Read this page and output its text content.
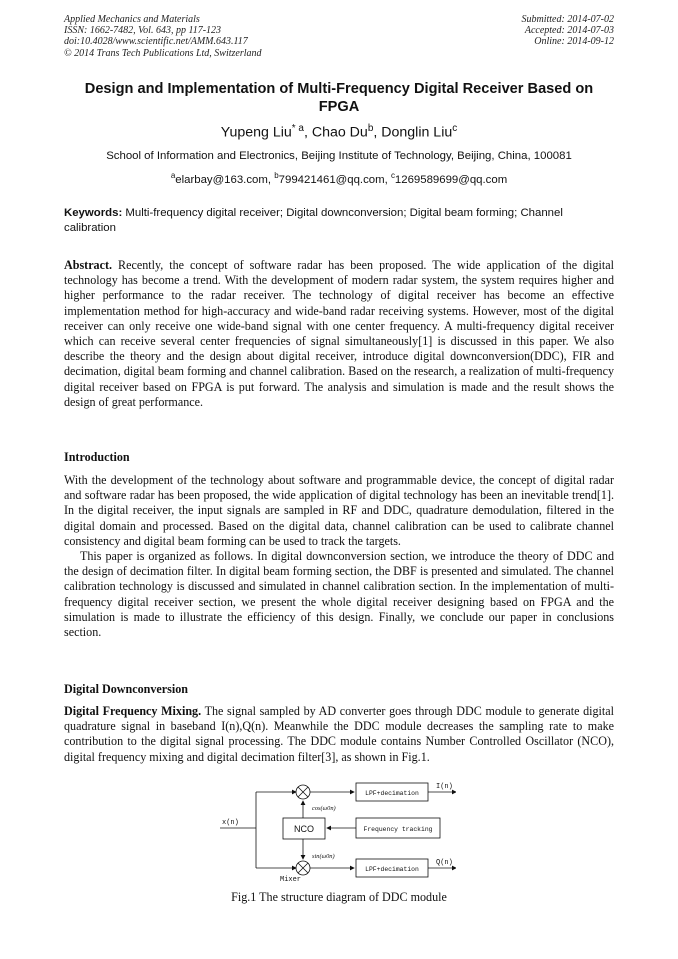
Applied Mechanics and Materials
ISSN: 1662-7482, Vol. 643, pp 117-123
doi:10.4028/www.scientific.net/AMM.643.117
© 2014 Trans Tech Publications Ltd, Switzerland
Submitted: 2014-07-02
Accepted: 2014-07-03
Online: 2014-09-12
Design and Implementation of Multi-Frequency Digital Receiver Based on FPGA
Yupeng Liu$^{* a}$, Chao Du$^b$, Donglin Liu$^c$
School of Information and Electronics, Beijing Institute of Technology, Beijing, China, 100081
$^a$elarbay@163.com, $^b$799421461@qq.com, $^c$1269589699@qq.com

Keywords: Multi-frequency digital receiver; Digital downconversion; Digital beam forming; Channel calibration

Abstract. Recently, the concept of software radar has been proposed. The wide application of the digital technology has become a trend. With the development of modern radar system, the system requires higher and higher performance to the radar receiver. The technology of digital receiver has become an effective implementation method for high-accuracy and wide-band radar receiving systems. However, most of the digital receiver can only receive one wide-band signal with one center frequency. A multi-frequency digital receiver which can receive several center frequencies of signal simultaneously[1] is discussed in this paper. We also describe the theory and the design about digital receiver, introduce digital downconversion(DDC), FIR and decimation, digital beam forming and channel calibration. Based on the research, a realization of multi-frequency digital receiver based on FPGA is put forward. The analysis and simulation is made and the result shows the design of great performance.

Introduction

With the development of the technology about software and programmable device, the concept of digital radar and software radar has been proposed, the wide application of digital technology has been an inevitable trend[1]. In the digital receiver, the input signals are sampled in RF and DDC, quadrature demodulation, filtered in the digital domain and processed. Based on the digital data, channel calibration can be used to calibrate channel consistency and digital beam forming can be used to track the targets.

This paper is organized as follows. In digital downconversion section, we introduce the theory of DDC and the design of decimation filter. In digital beam forming section, the DBF is presented and simulated. The channel calibration technology is discussed and simulated in channel calibration section. In the implementation of multi-frequency digital receiver section, we present the whole digital receiver designing based on FPGA and the simulation is made to illustrate the efficiency of this design. Finally, we conclude our paper in conclusions section.

Digital Downconversion

Digital Frequency Mixing. The signal sampled by AD converter goes through DDC module to generate digital quadrature signal in baseband I(n),Q(n). Meanwhile the DDC module decreases the sampling rate to make contribution to the digital signal processing. The DDC module contains Number Controlled Oscillator (NCO), digital frequency mixing and digital decimation filter[3], as shown in Fig.1.

x(n)
NCO
cos(ω0n)
sin(ω0n)
Mixer
Frequency tracking
LPF+decimation
I(n)
LPF+decimation
Q(n)
Fig.1 The structure diagram of DDC module
